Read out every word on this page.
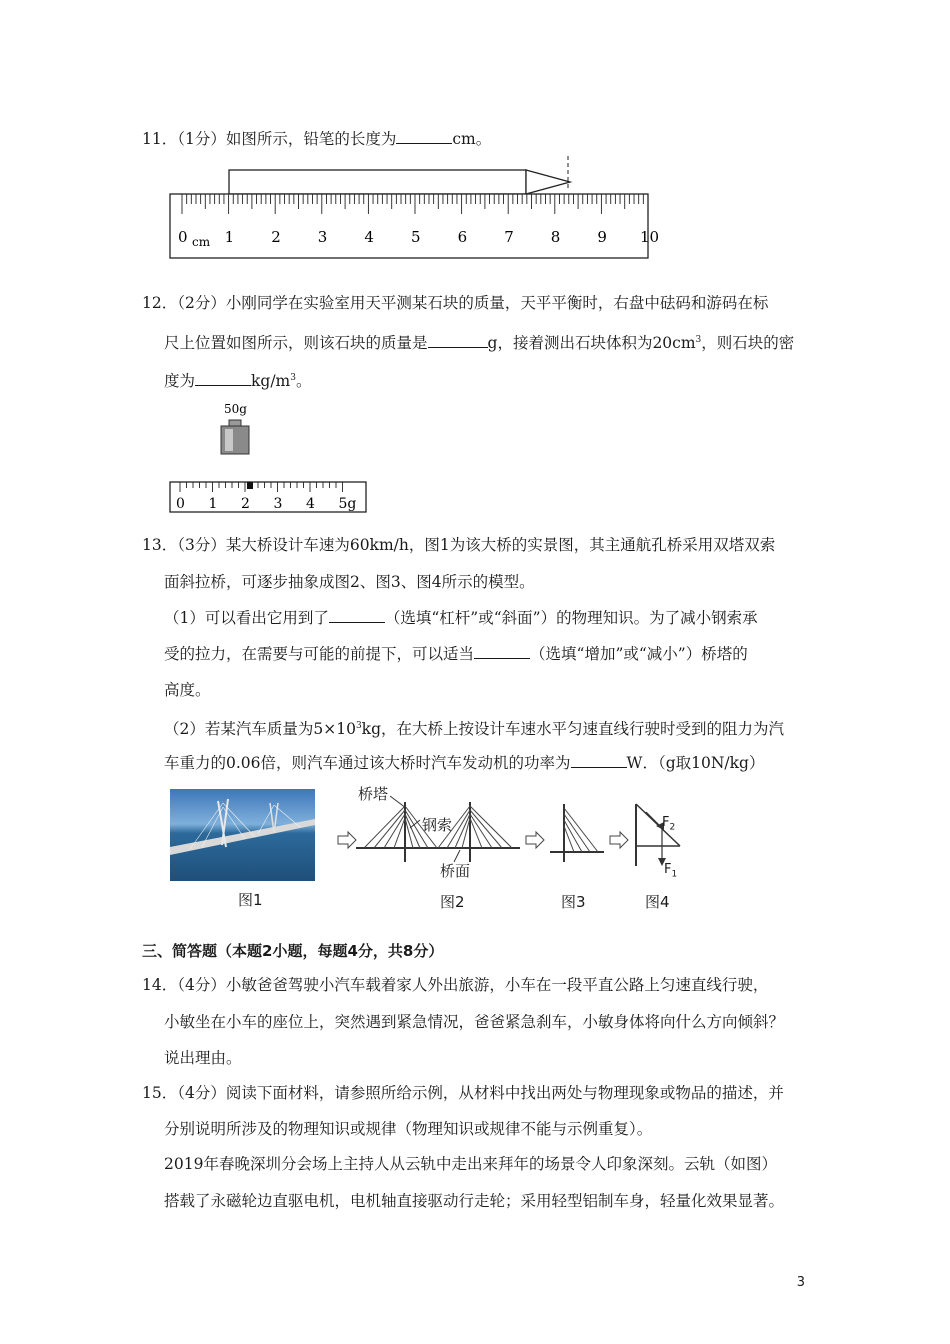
11．（1分）如图所示，铅笔的长度为	cm。
0 1 2 3 4 5 6 7 8 9 10
cm
12．（2分）小刚同学在实验室用天平测某石块的质量，天平平衡时，右盘中砝码和游码在标
尺上位置如图所示，则该石块的质量是	g，接着测出石块体积为$20cm^3$，则石块的密
度为	$kg/m^3$。
50g
0 1 2 3 4 5g
13．（3分）某大桥设计车速为60km/h，图1为该大桥的实景图，其主通航孔桥采用双塔双索
面斜拉桥，可逐步抽象成图2、图3、图4所示的模型。
（1）可以看出它用到了	（选填“杠杆”或“斜面”）的物理知识。为了减小钢索承
受的拉力，在需要与可能的前提下，可以适当	（选填“增加”或“减小”）桥塔的
高度。
（2）若某汽车质量为$5\times 10^3kg$，在大桥上按设计车速水平匀速直线行驶时受到的阻力为汽
车重力的0.06倍，则汽车通过该大桥时汽车发动机的功率为	W．（g取10N/kg）
图1
桥塔
钢索
桥面
$F_2$
$F_1$
图2	图3	图4
三、简答题（本题2小题，每题4分，共8分）
14．（4分）小敏爸爸驾驶小汽车载着家人外出旅游，小车在一段平直公路上匀速直线行驶，
小敏坐在小车的座位上，突然遇到紧急情况，爸爸紧急刹车，小敏身体将向什么方向倾斜？
说出理由。
15．（4分）阅读下面材料，请参照所给示例，从材料中找出两处与物理现象或物品的描述，并
分别说明所涉及的物理知识或规律（物理知识或规律不能与示例重复）。
2019年春晚深圳分会场上主持人从云轨中走出来拜年的场景令人印象深刻。云轨（如图）
搭载了永磁轮边直驱电机，电机轴直接驱动行走轮；采用轻型铝制车身，轻量化效果显著。
3
